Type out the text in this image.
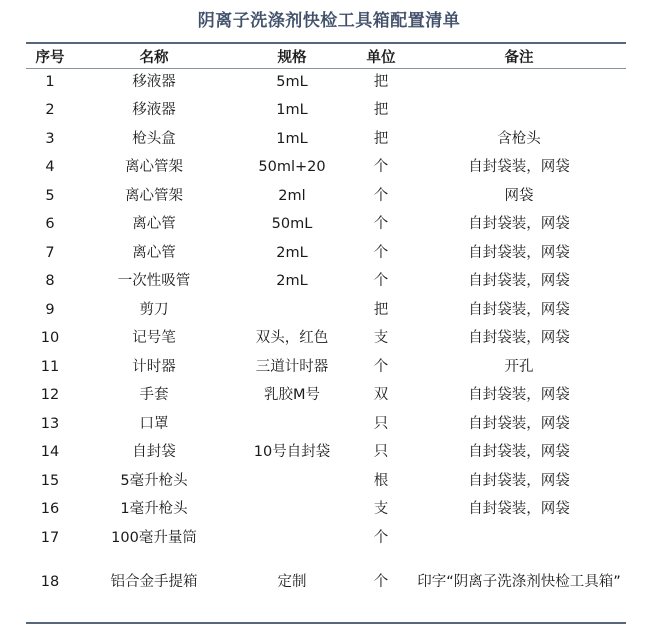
阴离子洗涤剂快检工具箱配置清单
序号	名称	规格	单位	备注
1	移液器	5mL	把	
2	移液器	1mL	把	
3	枪头盒	1mL	把	含枪头
4	离心管架	50ml+20	个	自封袋装，网袋
5	离心管架	2ml	个	网袋
6	离心管	50mL	个	自封袋装，网袋
7	离心管	2mL	个	自封袋装，网袋
8	一次性吸管	2mL	个	自封袋装，网袋
9	剪刀		把	自封袋装，网袋
10	记号笔	双头，红色	支	自封袋装，网袋
11	计时器	三道计时器	个	开孔
12	手套	乳胶M号	双	自封袋装，网袋
13	口罩		只	自封袋装，网袋
14	自封袋	10号自封袋	只	自封袋装，网袋
15	5毫升枪头		根	自封袋装，网袋
16	1毫升枪头		支	自封袋装，网袋
17	100毫升量筒		个	
18	铝合金手提箱	定制	个	印字“阴离子洗涤剂快检工具箱”
